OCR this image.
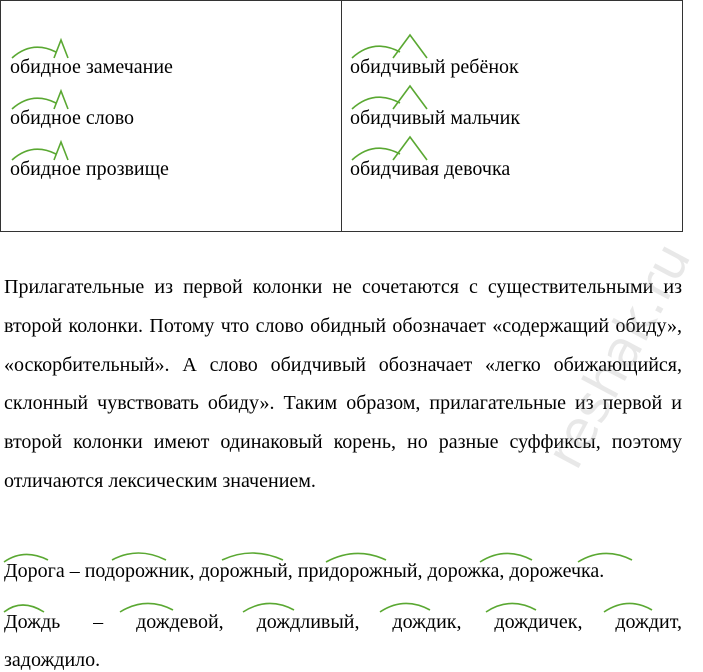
обидное замечание
обидное слово
обидное прозвище
обидчивый ребёнок
обидчивый мальчик
обидчивая девочка

Прилагательные из первой колонки не сочетаются с существительными из второй колонки. Потому что слово обидный обозначает «содержащий обиду», «оскорбительный». А слово обидчивый обозначает «легко обижающийся, склонный чувствовать обиду». Таким образом, прилагательные из первой и второй колонки имеют одинаковый корень, но разные суффиксы, поэтому отличаются лексическим значением.

Дорога – подорожник, дорожный, придорожный, дорожка, дорожечка.
Дождь – дождевой, дождливый, дождик, дождичек, дождит,
задождило.
reshak.ru
